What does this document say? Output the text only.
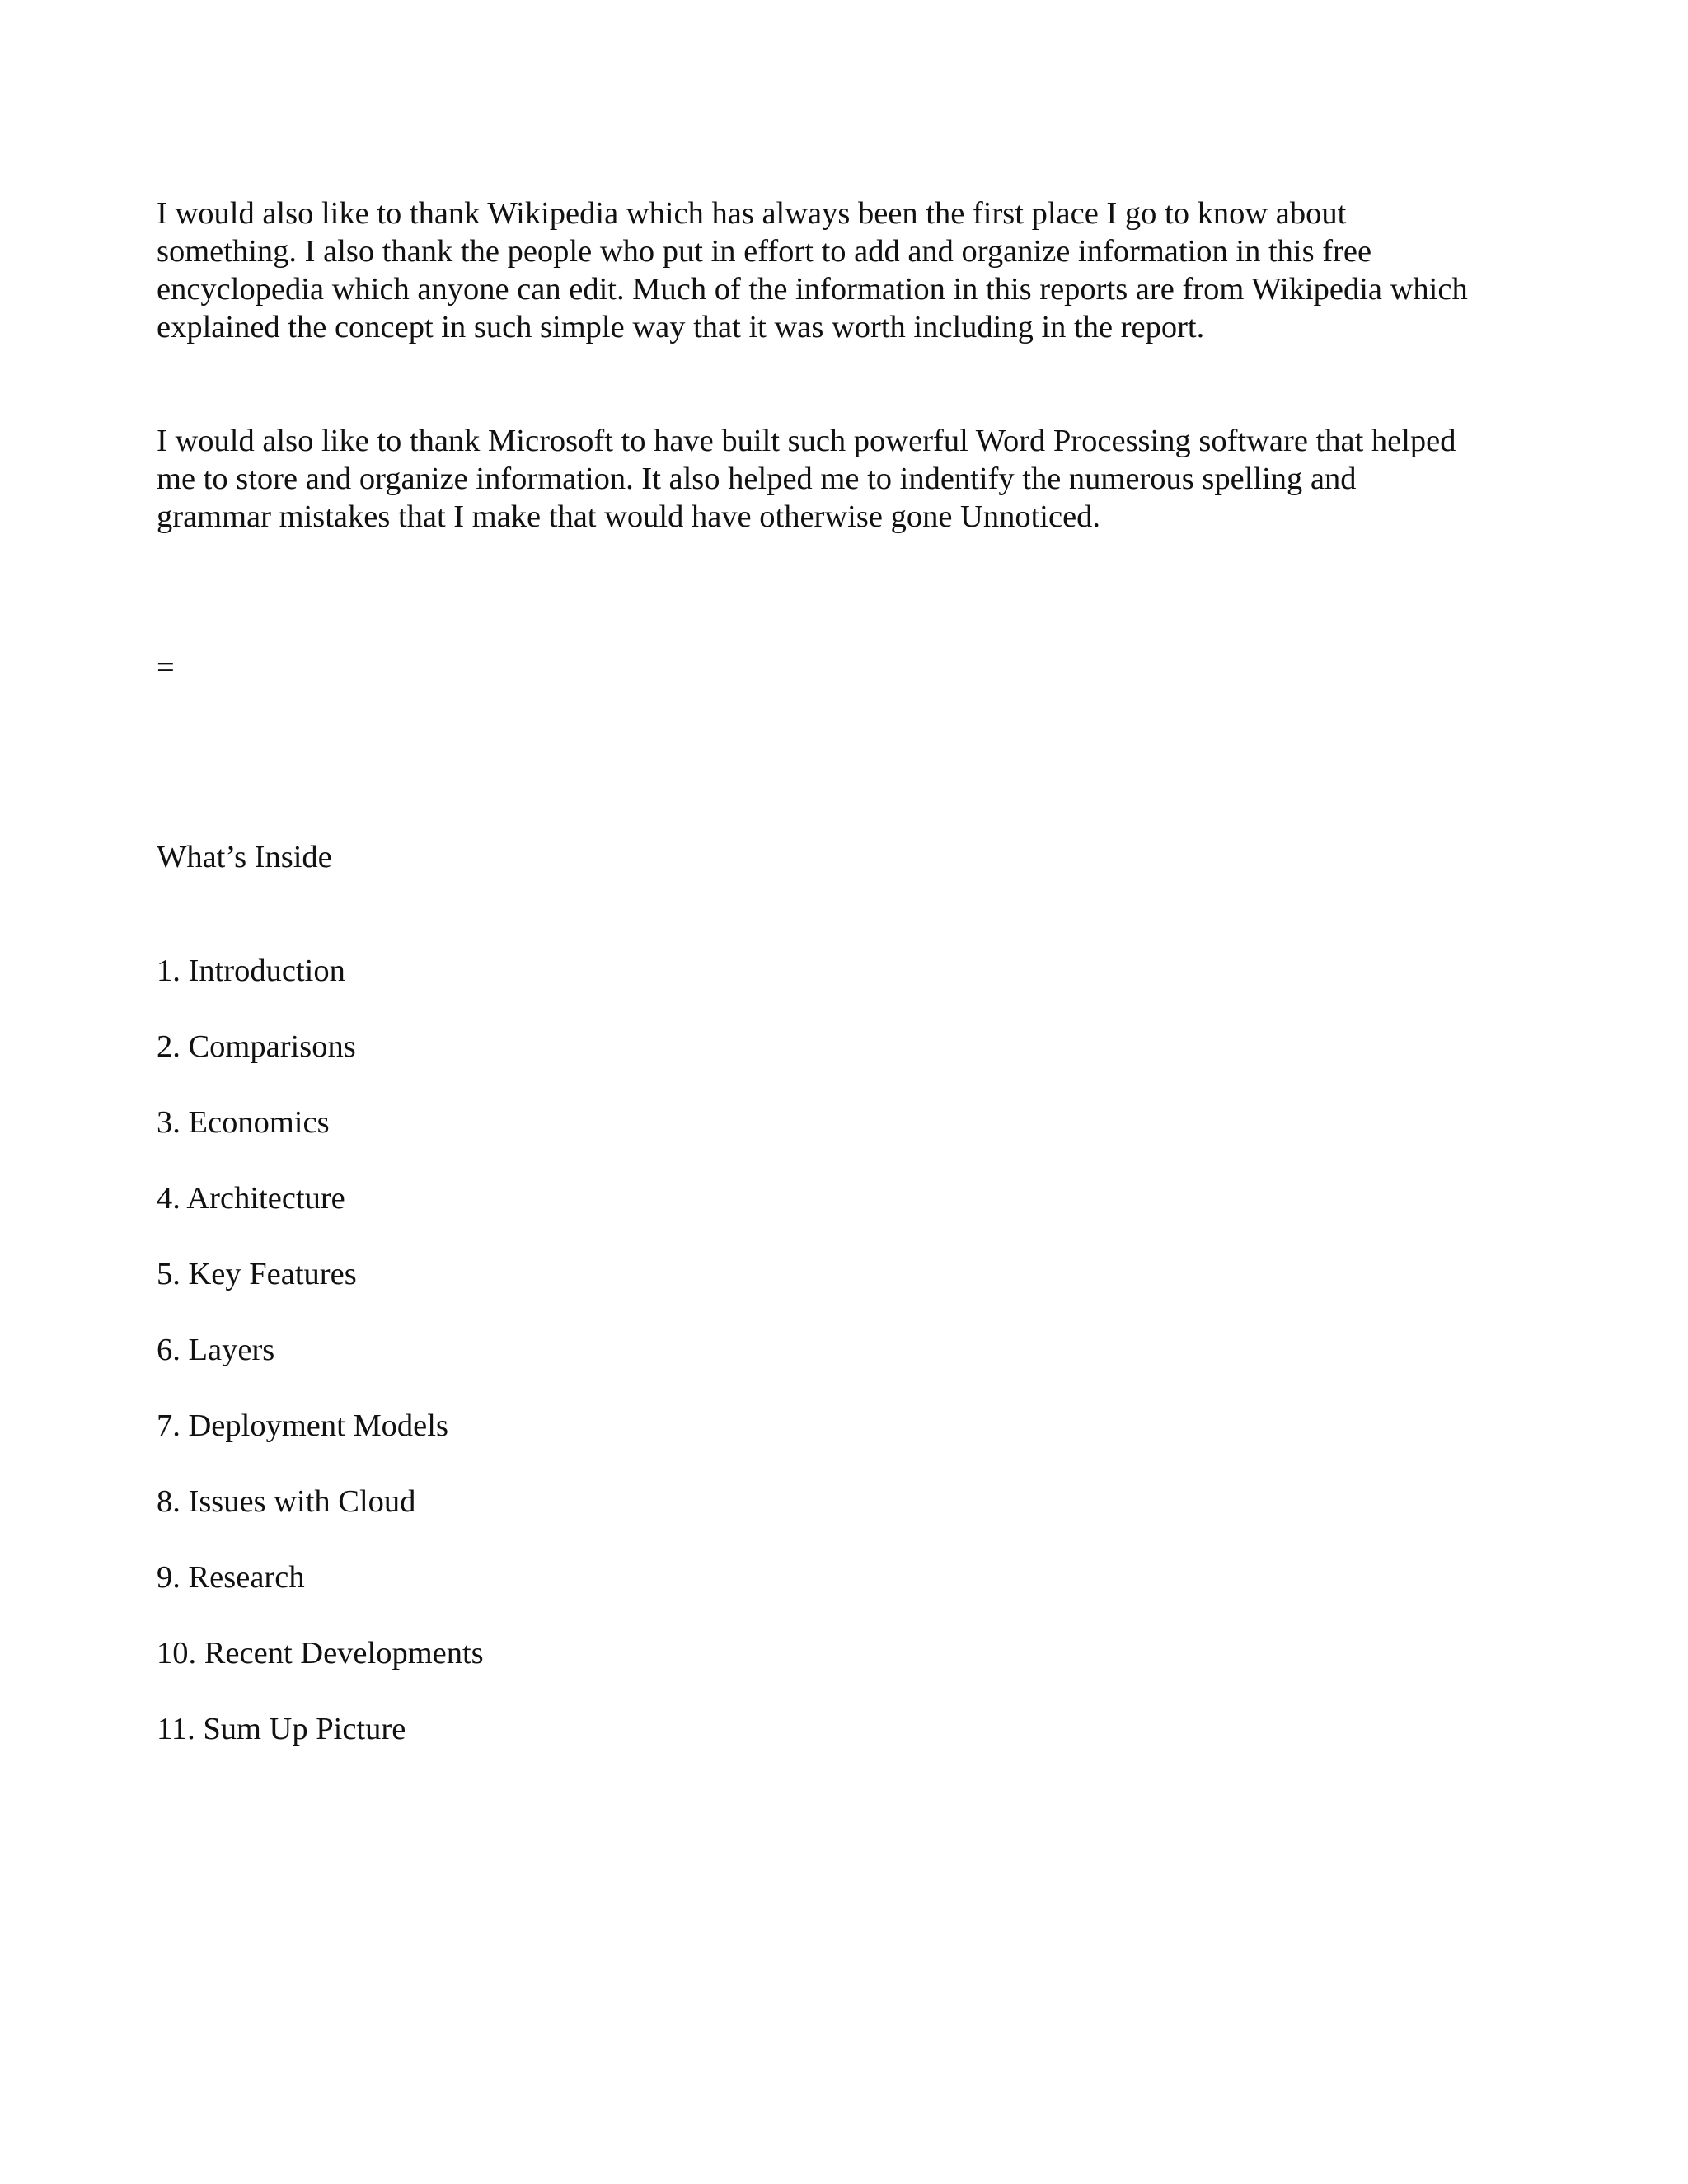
I would also like to thank Wikipedia which has always been the first place I go to know about
something. I also thank the people who put in effort to add and organize information in this free
encyclopedia which anyone can edit. Much of the information in this reports are from Wikipedia which
explained the concept in such simple way that it was worth including in the report.

I would also like to thank Microsoft to have built such powerful Word Processing software that helped
me to store and organize information. It also helped me to indentify the numerous spelling and
grammar mistakes that I make that would have otherwise gone Unnoticed.

=

What’s Inside

1. Introduction
2. Comparisons
3. Economics
4. Architecture
5. Key Features
6. Layers
7. Deployment Models
8. Issues with Cloud
9. Research
10. Recent Developments
11. Sum Up Picture
